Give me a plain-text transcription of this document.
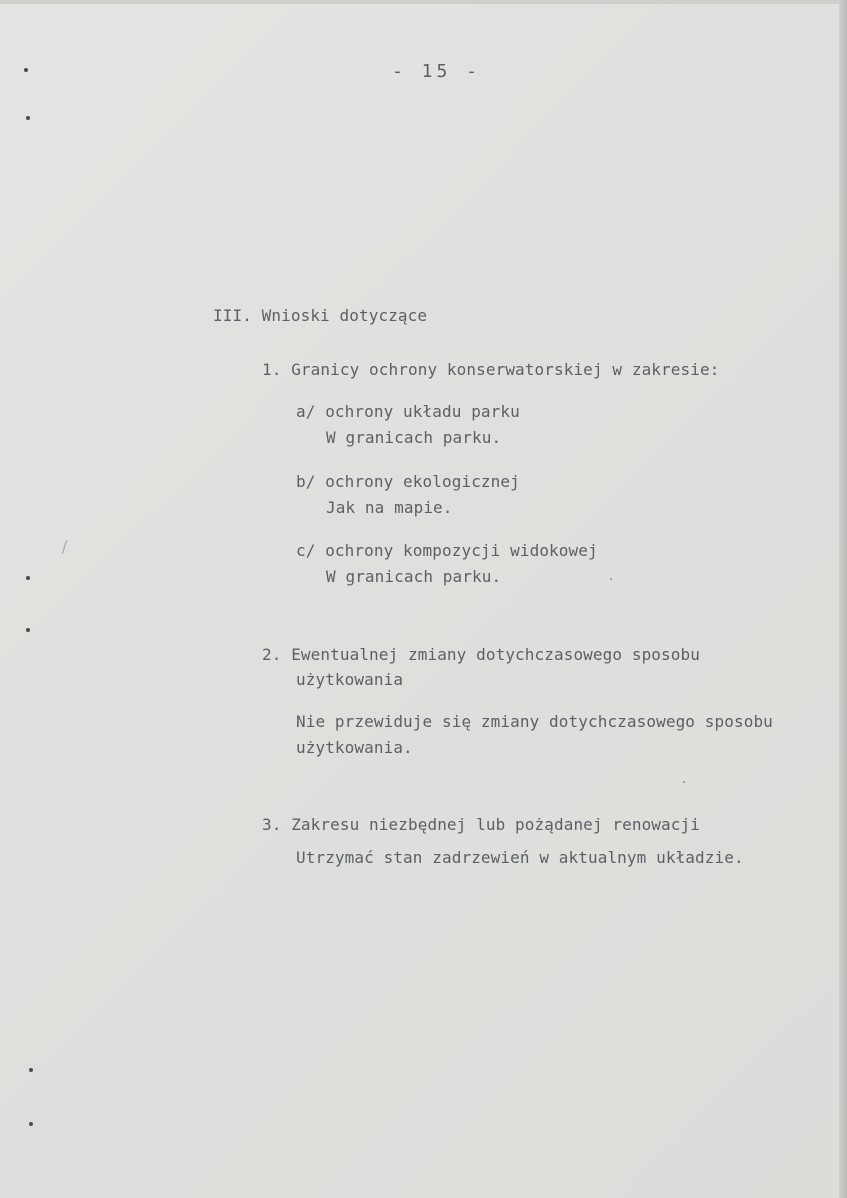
- 15 -
III. Wnioski dotyczące
1. Granicy ochrony konserwatorskiej w zakresie:
a/ ochrony układu parku
W granicach parku.
b/ ochrony ekologicznej
Jak na mapie.
c/ ochrony kompozycji widokowej
W granicach parku.
2. Ewentualnej zmiany dotychczasowego sposobu
użytkowania
Nie przewiduje się zmiany dotychczasowego sposobu
użytkowania.
3. Zakresu niezbędnej lub pożądanej renowacji
Utrzymać stan zadrzewień w aktualnym układzie.
